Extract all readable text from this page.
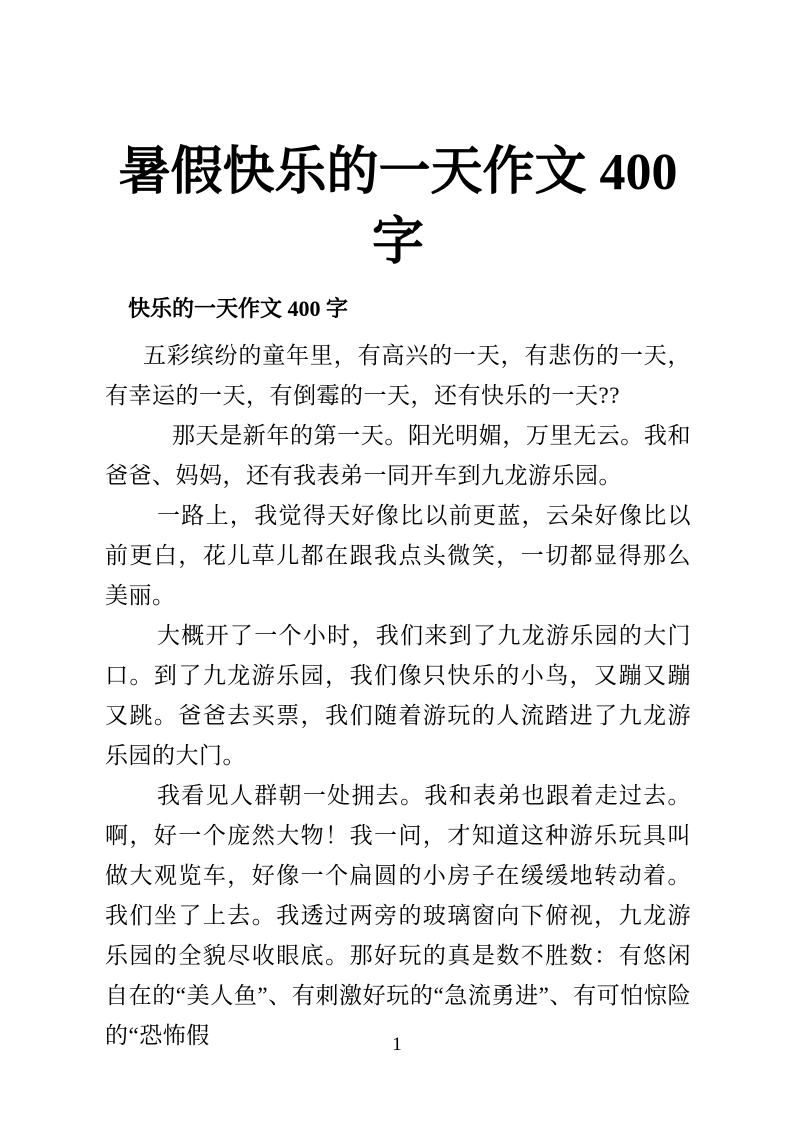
暑假快乐的一天作文 400
字
快乐的一天作文 400 字

五彩缤纷的童年里，有高兴的一天，有悲伤的一天，有幸运的一天，有倒霉的一天，还有快乐的一天??

那天是新年的第一天。阳光明媚，万里无云。我和爸爸、妈妈，还有我表弟一同开车到九龙游乐园。

一路上，我觉得天好像比以前更蓝，云朵好像比以前更白，花儿草儿都在跟我点头微笑，一切都显得那么美丽。

大概开了一个小时，我们来到了九龙游乐园的大门口。到了九龙游乐园，我们像只快乐的小鸟，又蹦又蹦又跳。爸爸去买票，我们随着游玩的人流踏进了九龙游乐园的大门。

我看见人群朝一处拥去。我和表弟也跟着走过去。啊，好一个庞然大物！我一问，才知道这种游乐玩具叫做大观览车，好像一个扁圆的小房子在缓缓地转动着。我们坐了上去。我透过两旁的玻璃窗向下俯视，九龙游乐园的全貌尽收眼底。那好玩的真是数不胜数：有悠闲自在的“美人鱼”、有刺激好玩的“急流勇进”、有可怕惊险的“恐怖假	1
